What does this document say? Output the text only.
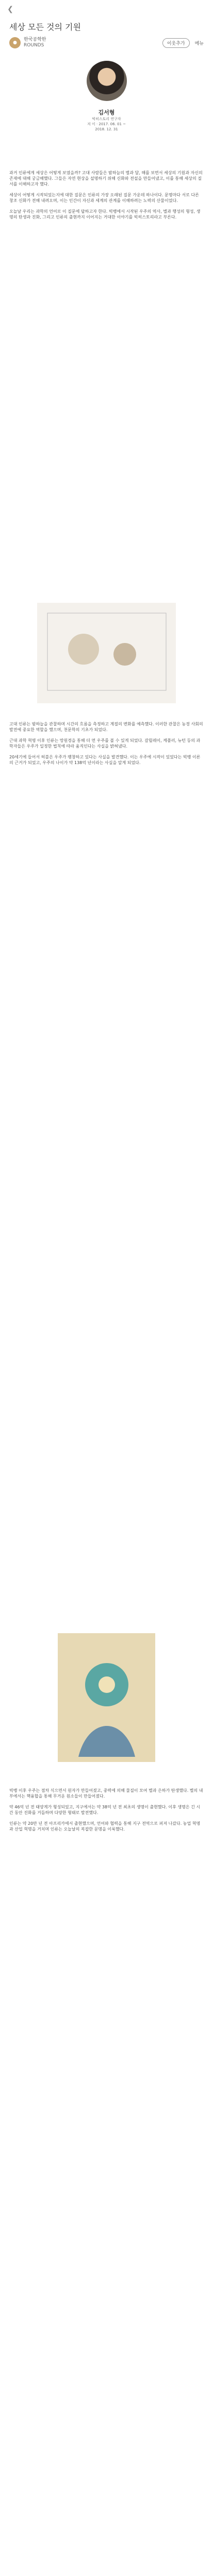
❮
세상 모든 것의 기원
●
한국공학한
ROUNDS	이웃추가	메뉴
김서형
빅히스토리 연구자
저 이 · 2017. 06. 01 ~
2018. 12. 31

과거 인류에게 세상은 어떻게 보였을까? 고대 사람들은 밤하늘의 별과 달, 해를 보면서 세상의 기원과 자신의 존재에 대해 궁금해했다. 그들은 자연 현상을 설명하기 위해 신화와 전설을 만들어냈고, 이를 통해 세상의 질서를 이해하고자 했다.

세상이 어떻게 시작되었는지에 대한 질문은 인류의 가장 오래된 질문 가운데 하나이다. 문명마다 서로 다른 창조 신화가 전해 내려오며, 이는 인간이 자신과 세계의 관계를 이해하려는 노력의 산물이었다.

오늘날 우리는 과학의 언어로 이 질문에 답하고자 한다. 빅뱅에서 시작된 우주의 역사, 별과 행성의 형성, 생명의 탄생과 진화, 그리고 인류의 출현까지 이어지는 거대한 이야기를 빅히스토리라고 부른다.

고대 인류는 밤하늘을 관찰하며 시간의 흐름을 측정하고 계절의 변화를 예측했다. 이러한 관찰은 농경 사회의 발전에 중요한 역할을 했으며, 천문학의 기초가 되었다.

근대 과학 혁명 이후 인류는 망원경을 통해 더 먼 우주를 볼 수 있게 되었다. 갈릴레이, 케플러, 뉴턴 등의 과학자들은 우주가 일정한 법칙에 따라 움직인다는 사실을 밝혀냈다.

20세기에 들어서 허블은 우주가 팽창하고 있다는 사실을 발견했다. 이는 우주에 시작이 있었다는 빅뱅 이론의 근거가 되었고, 우주의 나이가 약 138억 년이라는 사실을 알게 되었다.

빅뱅 이후 우주는 점차 식으면서 원자가 만들어졌고, 중력에 의해 물질이 모여 별과 은하가 탄생했다. 별의 내부에서는 핵융합을 통해 무거운 원소들이 만들어졌다.

약 46억 년 전 태양계가 형성되었고, 지구에서는 약 38억 년 전 최초의 생명이 출현했다. 이후 생명은 긴 시간 동안 진화를 거듭하며 다양한 형태로 발전했다.

인류는 약 20만 년 전 아프리카에서 출현했으며, 언어와 협력을 통해 지구 전역으로 퍼져 나갔다. 농업 혁명과 산업 혁명을 거치며 인류는 오늘날의 복잡한 문명을 이룩했다.
